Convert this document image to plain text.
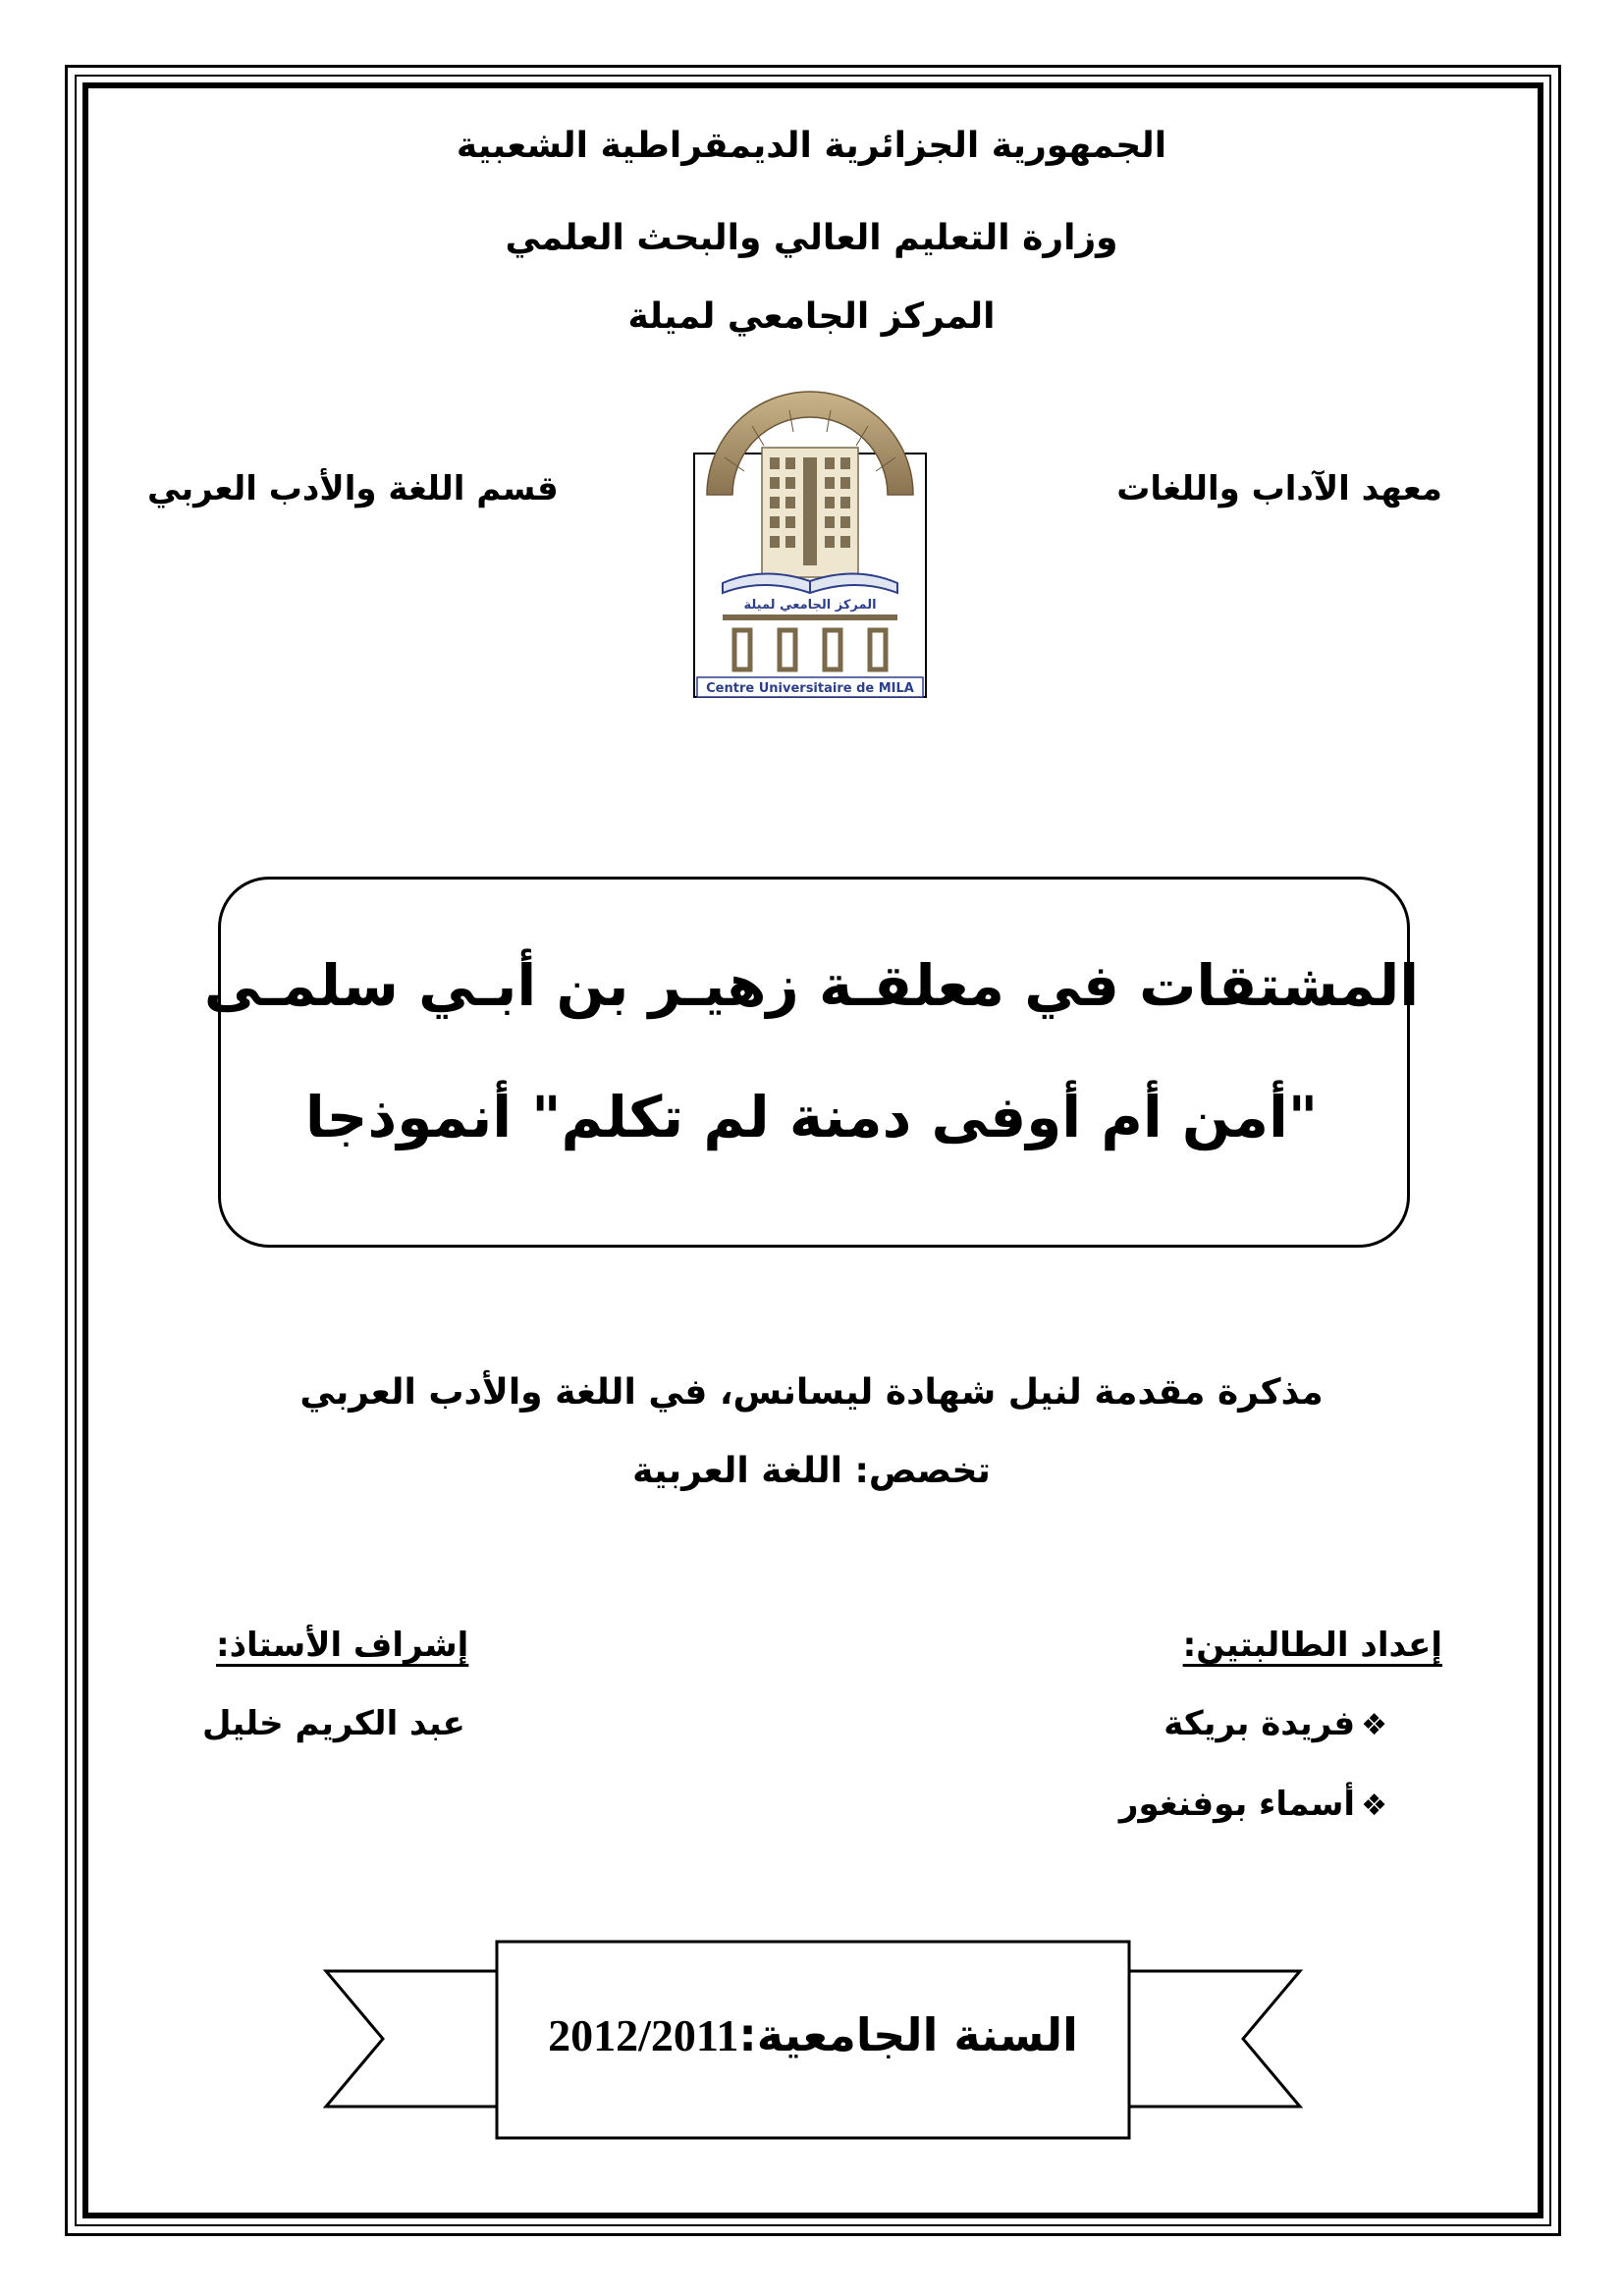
الجمهورية الجزائرية الديمقراطية الشعبية
وزارة التعليم العالي والبحث العلمي
المركز الجامعي لميلة
معهد الآداب واللغات
قسم اللغة والأدب العربي
المركز الجامعي لميلة
Centre Universitaire de MILA
المشتقات في معلقـة زهيـر بن أبـي سلمـى
"أمن أم أوفى دمنة لم تكلم" أنموذجا
مذكرة مقدمة لنيل شهادة ليسانس، في اللغة والأدب العربي
تخصص: اللغة العربية
إعداد الطالبتين:
❖فريدة بريكة
❖أسماء بوفنغور
إشراف الأستاذ:
عبد الكريم خليل
السنة الجامعية:2012/2011
